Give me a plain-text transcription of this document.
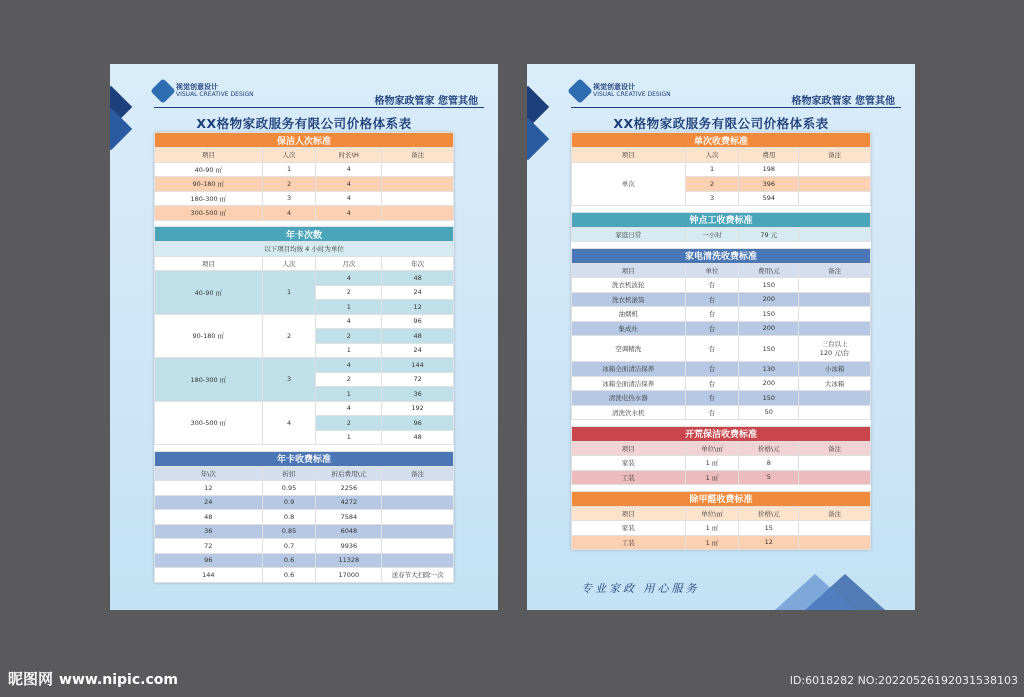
视觉创意设计
VISUAL CREATIVE DESIGN
格物家政管家 您管其他
XX格物家政服务有限公司价格体系表
保洁人次标准			
项目	人次	时长\H	备注
40-90 ㎡	1	4	
90-180 ㎡	2	4	
180-300 ㎡	3	4	
300-500 ㎡	4	4	

年卡次数			
以下项目均按 4 小时为单位			
项目	人次	月次	年次
40-90 ㎡	1	4	48
		2	24
		1	12
90-180 ㎡	2	4	96
		2	48
		1	24
180-300 ㎡	3	4	144
		2	72
		1	36
300-500 ㎡	4	4	192
		2	96
		1	48

年卡收费标准			
年\次	折扣	折后费用\元	备注
12	0.95	2256	
24	0.9	4272	
48	0.8	7584	
36	0.85	6048	
72	0.7	9936	
96	0.6	11328	
144	0.6	17000	送春节大扫除一次
视觉创意设计
VISUAL CREATIVE DESIGN
格物家政管家 您管其他
XX格物家政服务有限公司价格体系表
单次收费标准			
项目	人次	费用	备注
单次	1	198	
	2	396	
	3	594	

钟点工收费标准
家庭日常	一小时	79 元	

家电清洗收费标准			
项目	单位	费用\元	备注
洗衣机波轮	台	150	
洗衣机滚筒	台	200	
油烟机	台	150	
集成灶	台	200	
空调精洗	台	150	三台以上
120 元\台
冰箱全面清洁保养	台	130	小冰箱
冰箱全面清洁保养	台	200	大冰箱
清洗电热水器	台	150	
清洗饮水机	台	50	

开荒保洁收费标准			
项目	单位\㎡	价格\元	备注
家装	1 ㎡	8	
工装	1 ㎡	5	

除甲醛收费标准			
项目	单位\㎡	价格\元	备注
家装	1 ㎡	15	
工装	1 ㎡	12	
专业家政 用心服务
昵图网 www.nipic.com	ID:6018282 NO:20220526192031538103
